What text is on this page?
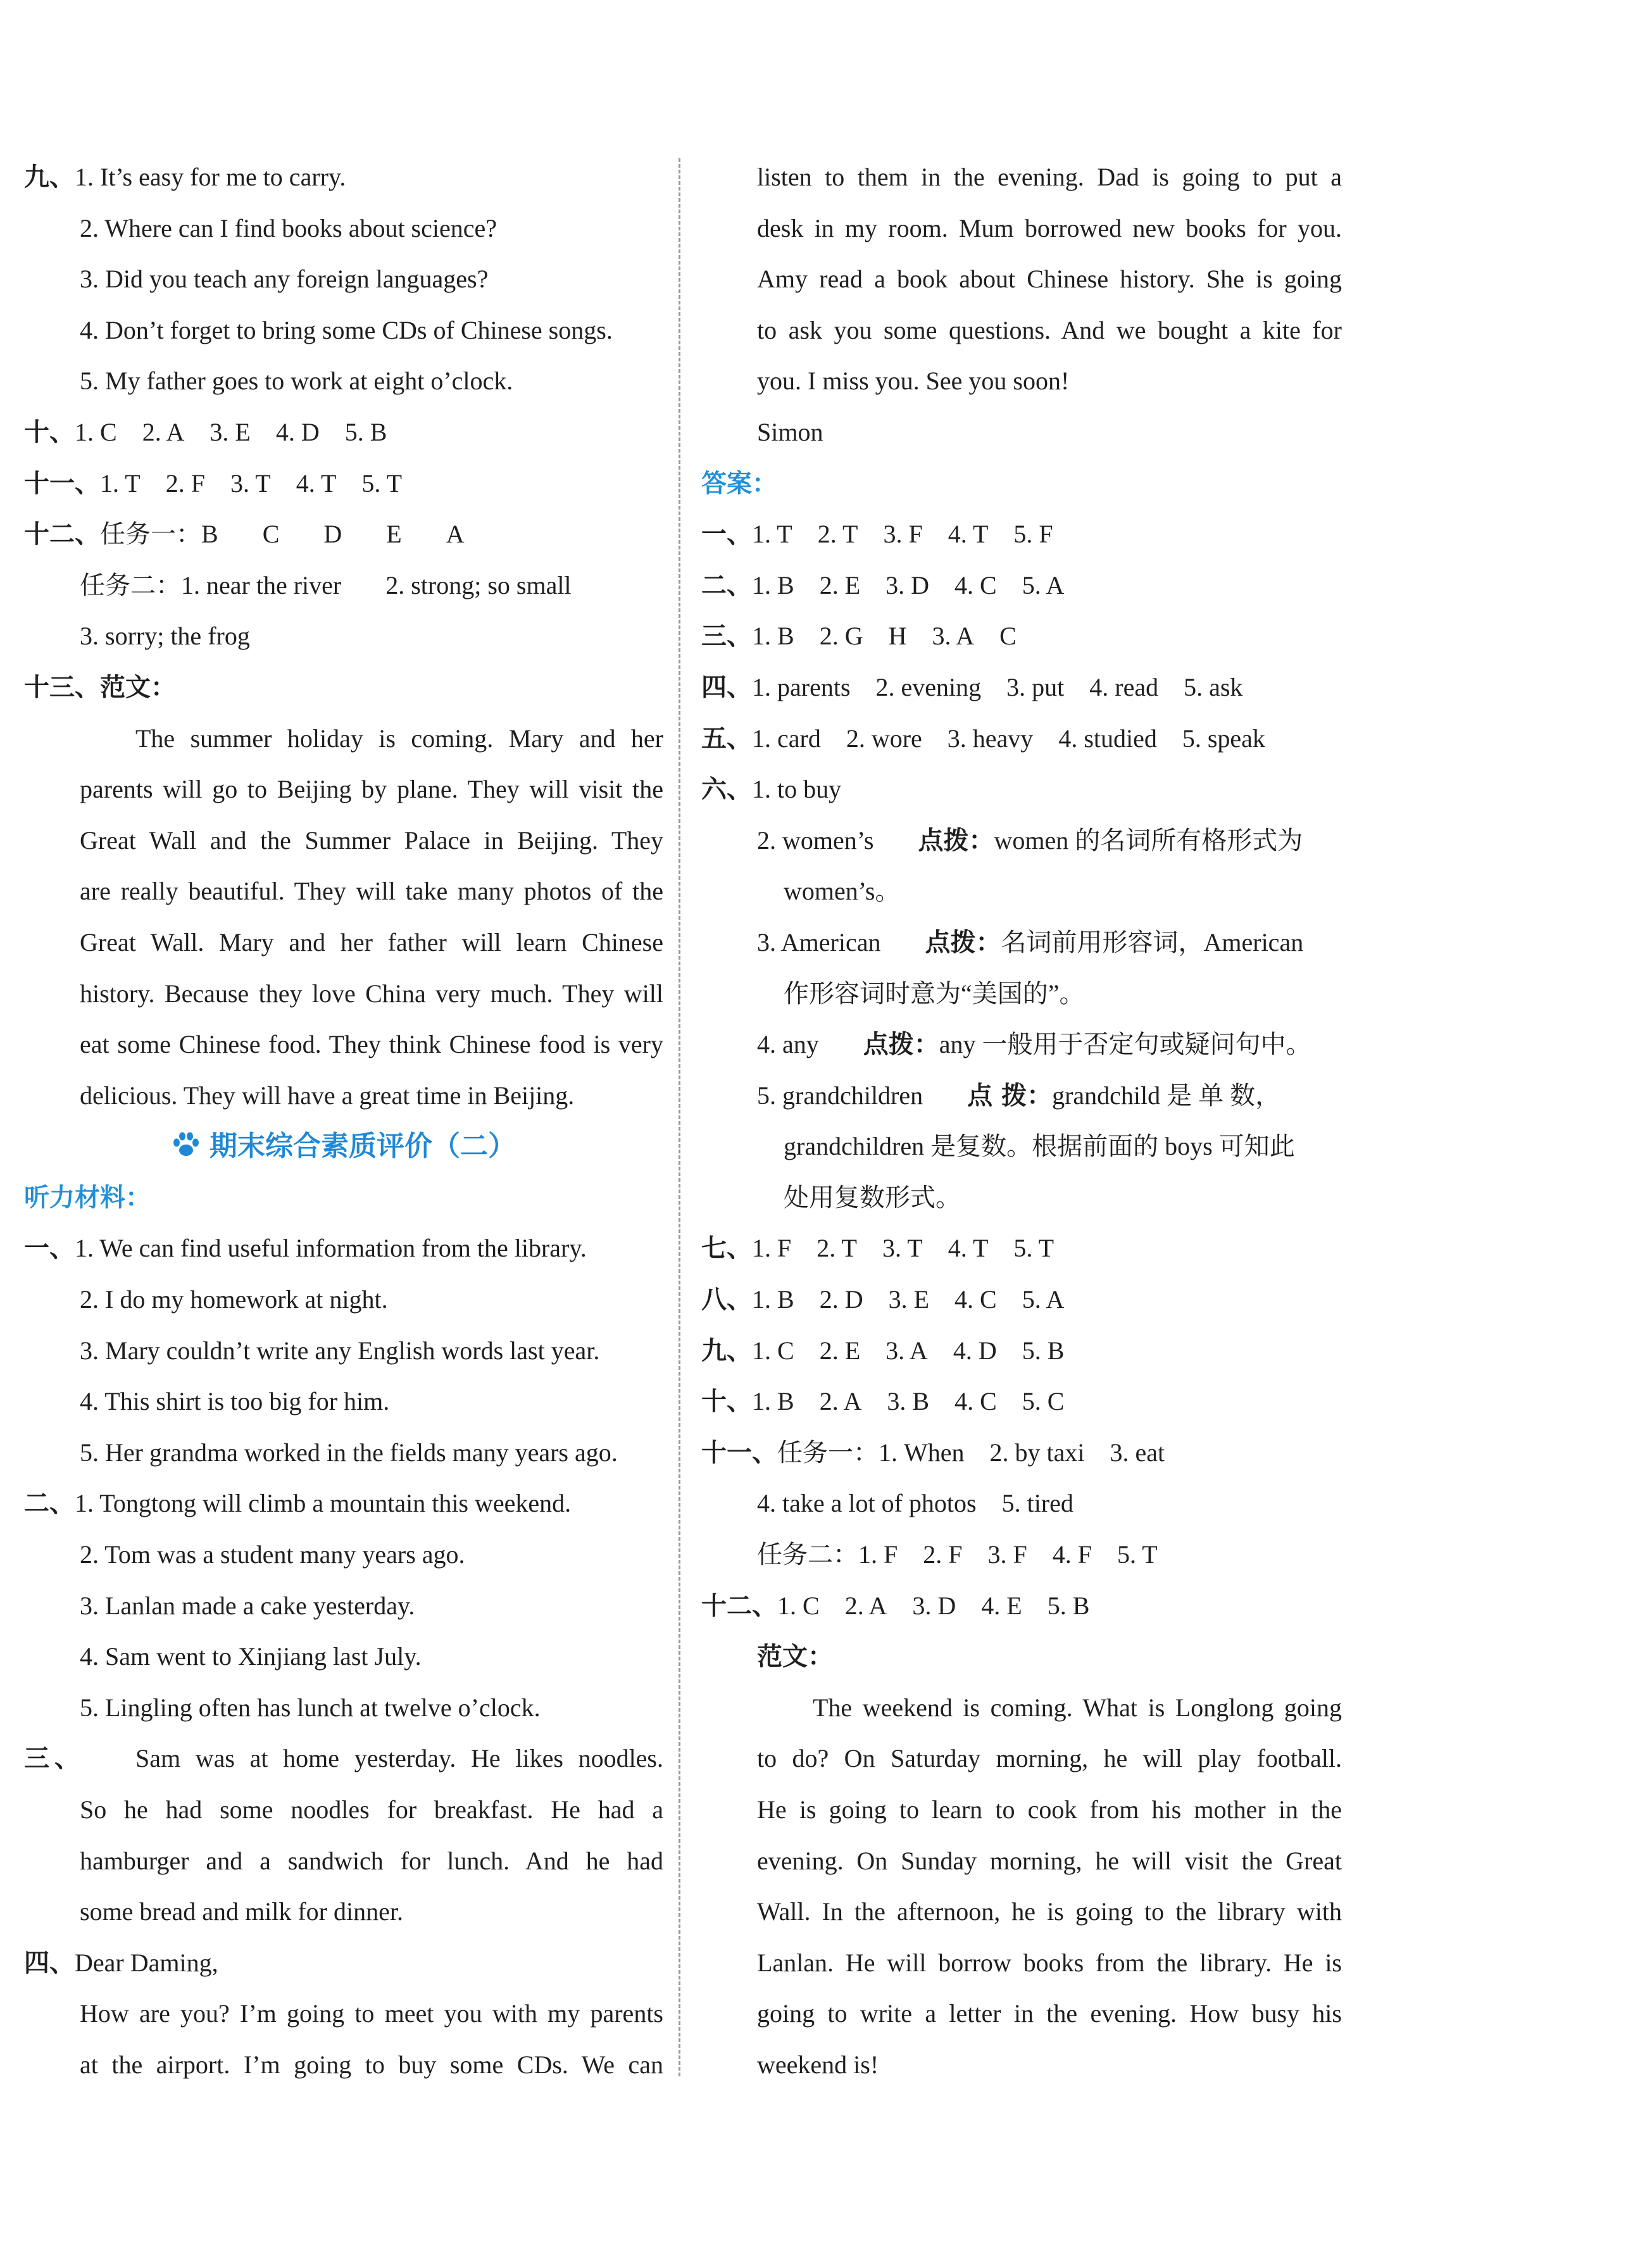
九、1. It’s easy for me to carry.
2. Where can I find books about science?
3. Did you teach any foreign languages?
4. Don’t forget to bring some CDs of Chinese songs.
5. My father goes to work at eight o’clock.
十、1. C 2. A 3. E 4. D 5. B
十一、1. T 2. F 3. T 4. T 5. T
十二、任务一：B C D E A
任务二：1. near the river 2. strong; so small
3. sorry; the frog
十三、范文：
The summer holiday is coming. Mary and her
parents will go to Beijing by plane. They will visit the
Great Wall and the Summer Palace in Beijing. They
are really beautiful. They will take many photos of the
Great Wall. Mary and her father will learn Chinese
history. Because they love China very much. They will
eat some Chinese food. They think Chinese food is very
delicious. They will have a great time in Beijing.
期末综合素质评价（二）
听力材料：
一、1. We can find useful information from the library.
2. I do my homework at night.
3. Mary couldn’t write any English words last year.
4. This shirt is too big for him.
5. Her grandma worked in the fields many years ago.
二、1. Tongtong will climb a mountain this weekend.
2. Tom was a student many years ago.
3. Lanlan made a cake yesterday.
4. Sam went to Xinjiang last July.
5. Lingling often has lunch at twelve o’clock.
三、	Sam was at home yesterday. He likes noodles.
So he had some noodles for breakfast. He had a
hamburger and a sandwich for lunch. And he had
some bread and milk for dinner.
四、Dear Daming,
How are you? I’m going to meet you with my parents
at the airport. I’m going to buy some CDs. We can
listen to them in the evening. Dad is going to put a
desk in my room. Mum borrowed new books for you.
Amy read a book about Chinese history. She is going
to ask you some questions. And we bought a kite for
you. I miss you. See you soon!
Simon
答案：
一、1. T 2. T 3. F 4. T 5. F
二、1. B 2. E 3. D 4. C 5. A
三、1. B 2. G H 3. A C
四、1. parents 2. evening 3. put 4. read 5. ask
五、1. card 2. wore 3. heavy 4. studied 5. speak
六、1. to buy
2. women’s 点拨：women 的名词所有格形式为
women’s。
3. American 点拨：名词前用形容词，American
作形容词时意为“美国的”。
4. any 点拨：any 一般用于否定句或疑问句中。
5. grandchildren 点 拨：grandchild 是 单 数，
grandchildren 是复数。根据前面的 boys 可知此
处用复数形式。
七、1. F 2. T 3. T 4. T 5. T
八、1. B 2. D 3. E 4. C 5. A
九、1. C 2. E 3. A 4. D 5. B
十、1. B 2. A 3. B 4. C 5. C
十一、任务一：1. When 2. by taxi 3. eat
4. take a lot of photos 5. tired
任务二：1. F 2. F 3. F 4. F 5. T
十二、1. C 2. A 3. D 4. E 5. B
范文：
The weekend is coming. What is Longlong going
to do? On Saturday morning, he will play football.
He is going to learn to cook from his mother in the
evening. On Sunday morning, he will visit the Great
Wall. In the afternoon, he is going to the library with
Lanlan. He will borrow books from the library. He is
going to write a letter in the evening. How busy his
weekend is!
